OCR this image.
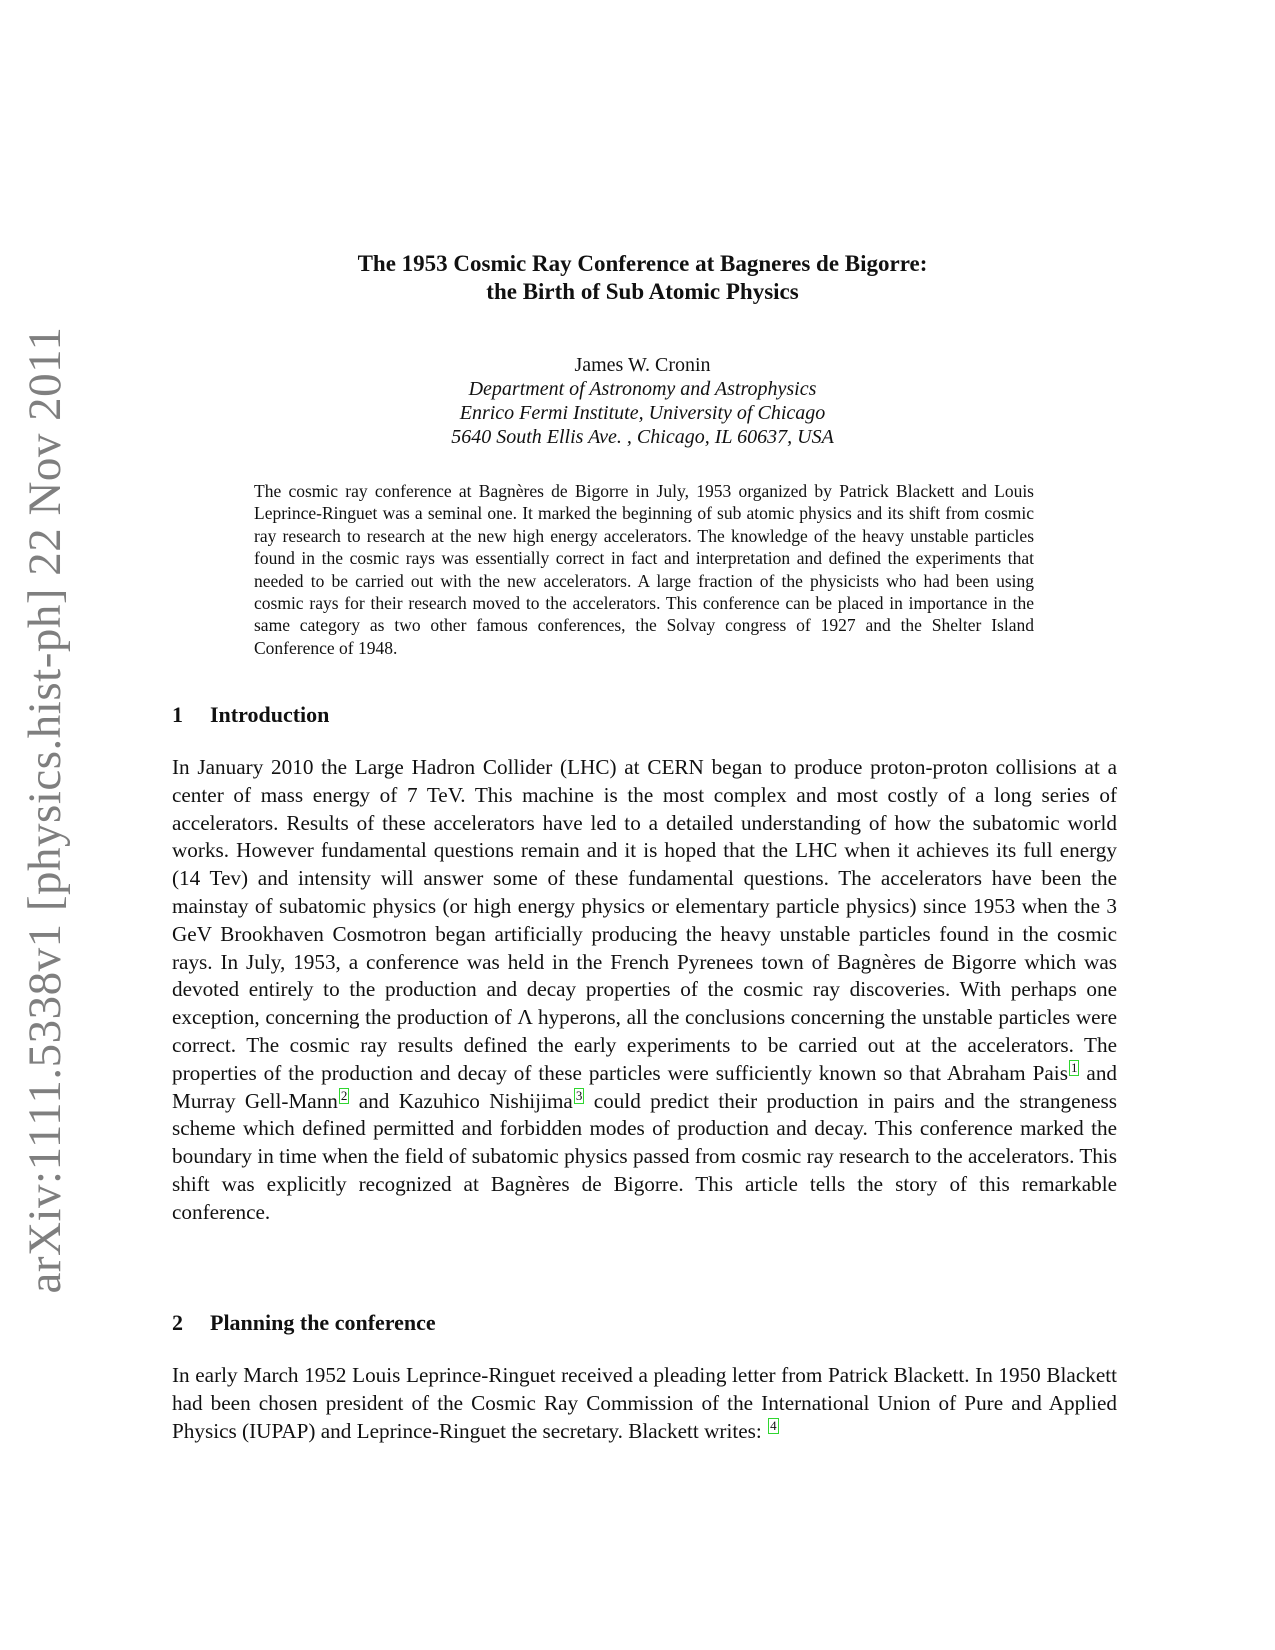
arXiv:1111.5338v1 [physics.hist-ph] 22 Nov 2011
The 1953 Cosmic Ray Conference at Bagneres de Bigorre:
the Birth of Sub Atomic Physics
James W. Cronin
Department of Astronomy and Astrophysics
Enrico Fermi Institute, University of Chicago
5640 South Ellis Ave. , Chicago, IL 60637, USA
The cosmic ray conference at Bagnères de Bigorre in July, 1953 organized by Patrick Blackett and Louis Leprince-Ringuet was a seminal one. It marked the beginning of sub atomic physics and its shift from cosmic ray research to research at the new high energy accelerators. The knowledge of the heavy unstable particles found in the cosmic rays was essentially correct in fact and interpretation and defined the experiments that needed to be carried out with the new accelerators. A large fraction of the physicists who had been using cosmic rays for their research moved to the accelerators. This conference can be placed in importance in the same category as two other famous conferences, the Solvay congress of 1927 and the Shelter Island Conference of 1948.
1 Introduction
In January 2010 the Large Hadron Collider (LHC) at CERN began to produce proton-proton collisions at a center of mass energy of 7 TeV. This machine is the most complex and most costly of a long series of accelerators. Results of these accelerators have led to a detailed understanding of how the subatomic world works. However fundamental questions remain and it is hoped that the LHC when it achieves its full energy (14 Tev) and intensity will answer some of these fundamental questions. The accelerators have been the mainstay of subatomic physics (or high energy physics or elementary particle physics) since 1953 when the 3 GeV Brookhaven Cosmotron began artificially producing the heavy unstable particles found in the cosmic rays. In July, 1953, a conference was held in the French Pyrenees town of Bagnères de Bigorre which was devoted entirely to the production and decay properties of the cosmic ray discoveries. With perhaps one exception, concerning the production of Λ hyperons, all the conclusions concerning the unstable particles were correct. The cosmic ray results defined the early experiments to be carried out at the accelerators. The properties of the production and decay of these particles were sufficiently known so that Abraham Pais 1 and Murray Gell-Mann 2 and Kazuhico Nishijima 3 could predict their production in pairs and the strangeness scheme which defined permitted and forbidden modes of production and decay. This conference marked the boundary in time when the field of subatomic physics passed from cosmic ray research to the accelerators. This shift was explicitly recognized at Bagnères de Bigorre. This article tells the story of this remarkable conference.
2 Planning the conference
In early March 1952 Louis Leprince-Ringuet received a pleading letter from Patrick Blackett. In 1950 Blackett had been chosen president of the Cosmic Ray Commission of the International Union of Pure and Applied Physics (IUPAP) and Leprince-Ringuet the secretary. Blackett writes: 4
